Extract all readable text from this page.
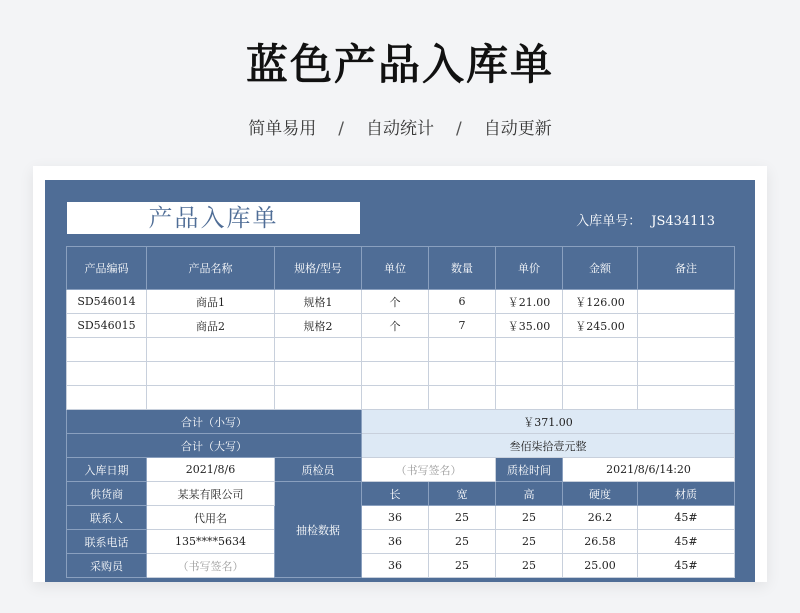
蓝色产品入库单
简单易用 / 自动统计 / 自动更新
产品入库单	入库单号： JS434113
产品编码	产品名称	规格/型号	单位	数量	单价	金额	备注
SD546014	商品1	规格1	个	6	￥21.00	￥126.00	
SD546015	商品2	规格2	个	7	￥35.00	￥245.00	

合计（小写）			￥371.00				
合计（大写）			叁佰柒拾壹元整				
入库日期	2021/8/6	质检员	（书写签名）		质检时间	2021/8/6/14:20	
供货商	某某有限公司	抽检数据	长	宽	高	硬度	材质
联系人	代用名		36	25	25	26.2	45#
联系电话	135****5634		36	25	25	26.58	45#
采购员	（书写签名）		36	25	25	25.00	45#
